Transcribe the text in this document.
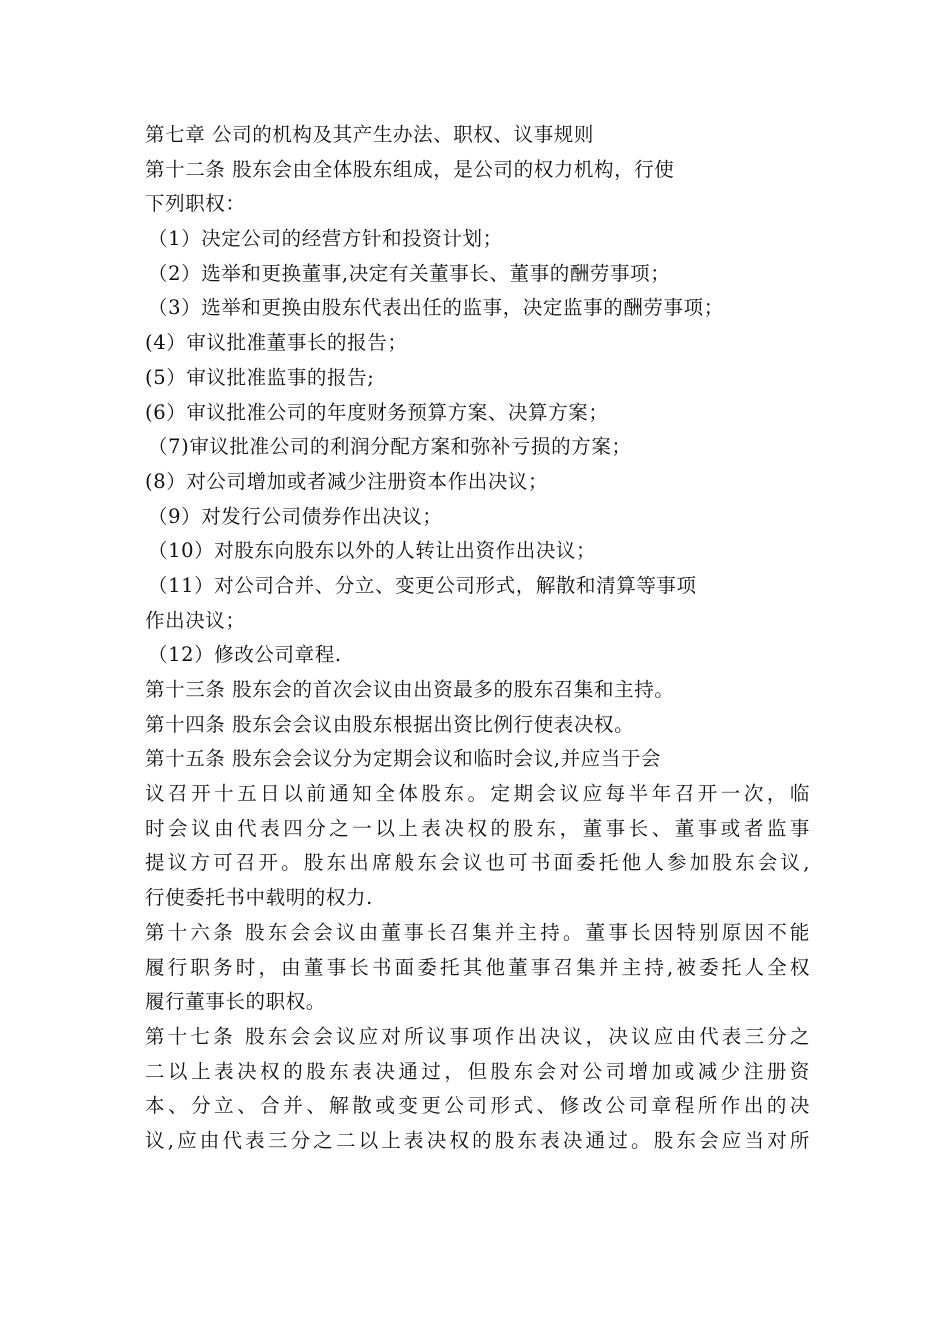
第七章 公司的机构及其产生办法、职权、议事规则
第十二条 股东会由全体股东组成，是公司的权力机构，行使
下列职权：
（1）决定公司的经营方针和投资计划；
（2）选举和更换董事,决定有关董事长、董事的酬劳事项；
（3）选举和更换由股东代表出任的监事，决定监事的酬劳事项；
(4）审议批准董事长的报告；
(5）审议批准监事的报告;
(6）审议批准公司的年度财务预算方案、决算方案；
（7)审议批准公司的利润分配方案和弥补亏损的方案；
(8）对公司增加或者减少注册资本作出决议；
（9）对发行公司债券作出决议；
（10）对股东向股东以外的人转让出资作出决议；
（11）对公司合并、分立、变更公司形式，解散和清算等事项
作出决议；
（12）修改公司章程.
第十三条 股东会的首次会议由出资最多的股东召集和主持。
第十四条 股东会会议由股东根据出资比例行使表决权。
第十五条 股东会会议分为定期会议和临时会议,并应当于会
议召开十五日以前通知全体股东。定期会议应每半年召开一次，临
时会议由代表四分之一以上表决权的股东，董事长、董事或者监事
提议方可召开。股东出席般东会议也可书面委托他人参加股东会议,
行使委托书中载明的权力.
第十六条 股东会会议由董事长召集并主持。董事长因特别原因不能
履行职务时，由董事长书面委托其他董事召集并主持,被委托人全权
履行董事长的职权。
第十七条 股东会会议应对所议事项作出决议，决议应由代表三分之
二以上表决权的股东表决通过，但股东会对公司增加或减少注册资
本、分立、合并、解散或变更公司形式、修改公司章程所作出的决
议,应由代表三分之二以上表决权的股东表决通过。股东会应当对所
